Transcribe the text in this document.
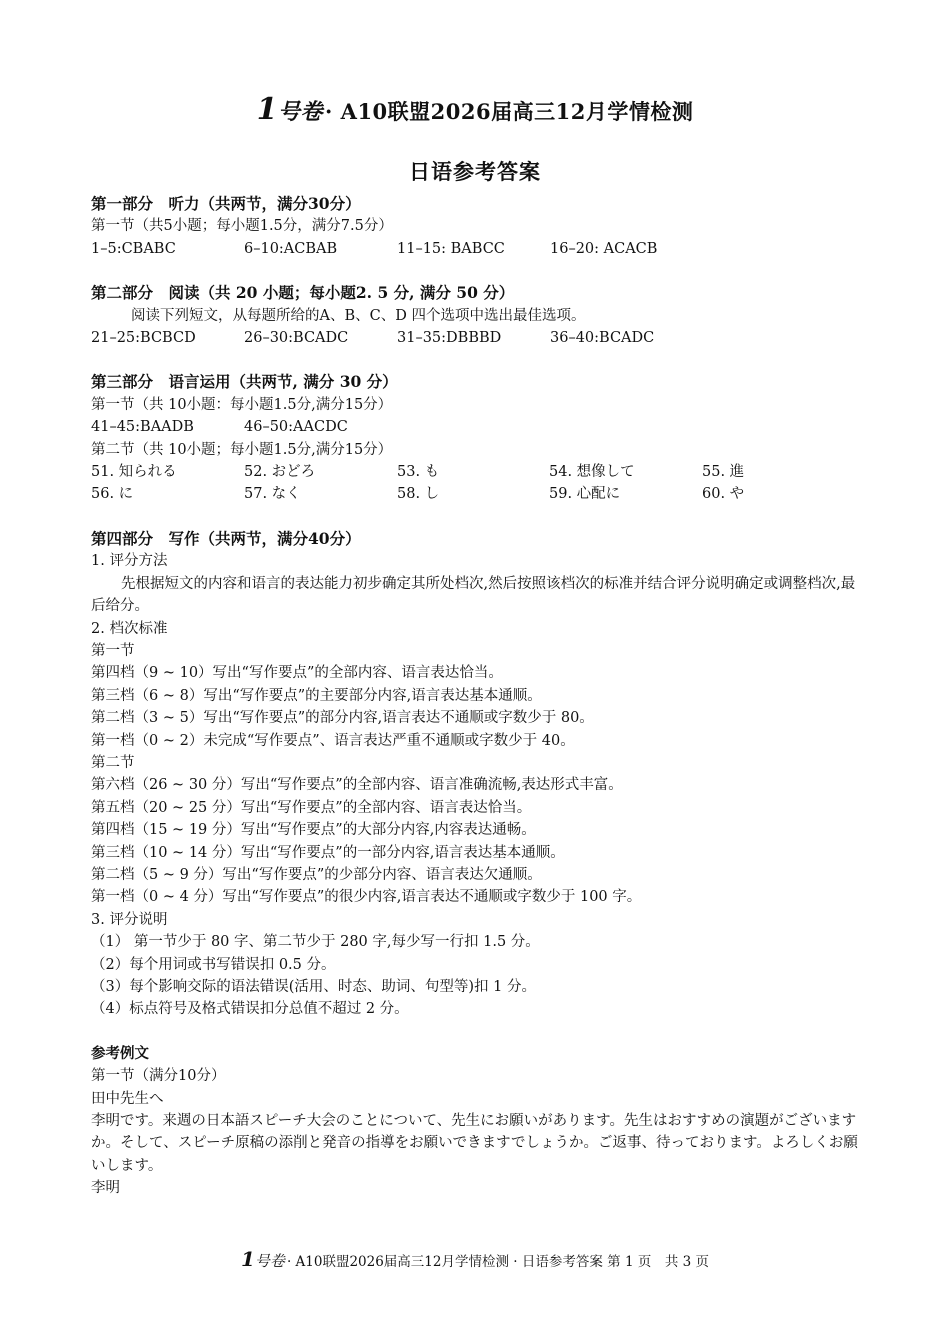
1号卷· A10联盟2026届高三12月学情检测
日语参考答案

第一部分　听力（共两节，满分30分）

第一节（共5小题；每小题1.5分，满分7.5分）

1–5:CBABC	6–10:ACBAB	11–15: BABCC	16–20: ACACB

第二部分　阅读（共 20 小题；每小题2. 5 分, 满分 50 分）

阅读下列短文，从每题所给的A、B、C、D 四个选项中选出最佳选项。

21–25:BCBCD	26–30:BCADC	31–35:DBBBD	36–40:BCADC

第三部分　语言运用（共两节, 满分 30 分）

第一节（共 10小题：每小题1.5分,满分15分）

41–45:BAADB	46–50:AACDC

第二节（共 10小题；每小题1.5分,满分15分）

51. 知られる	52. おどろ	53. も	54. 想像して	55. 進
56. に	57. なく	58. し	59. 心配に	60. や

第四部分　写作（共两节，满分40分）

1. 评分方法

先根据短文的内容和语言的表达能力初步确定其所处档次,然后按照该档次的标准并结合评分说明确定或调整档次,最后给分。

2. 档次标准

第一节

第四档（9 ~ 10）写出“写作要点”的全部内容、语言表达恰当。

第三档（6 ~ 8）写出“写作要点”的主要部分内容,语言表达基本通顺。

第二档（3 ~ 5）写出“写作要点”的部分内容,语言表达不通顺或字数少于 80。

第一档（0 ~ 2）未完成“写作要点”、语言表达严重不通顺或字数少于 40。

第二节

第六档（26 ~ 30 分）写出“写作要点”的全部内容、语言准确流畅,表达形式丰富。

第五档（20 ~ 25 分）写出“写作要点”的全部内容、语言表达恰当。

第四档（15 ~ 19 分）写出“写作要点”的大部分内容,内容表达通畅。

第三档（10 ~ 14 分）写出“写作要点”的一部分内容,语言表达基本通顺。

第二档（5 ~ 9 分）写出“写作要点”的少部分内容、语言表达欠通顺。

第一档（0 ~ 4 分）写出“写作要点”的很少内容,语言表达不通顺或字数少于 100 字。

3. 评分说明

（1） 第一节少于 80 字、第二节少于 280 字,每少写一行扣 1.5 分。

（2）每个用词或书写错误扣 0.5 分。

（3）每个影响交际的语法错误(活用、时态、助词、句型等)扣 1 分。

（4）标点符号及格式错误扣分总值不超过 2 分。

参考例文

第一节（满分10分）

田中先生へ

李明です。来週の日本語スピーチ大会のことについて、先生にお願いがあります。先生はおすすめの演題がございますか。そして、スピーチ原稿の添削と発音の指導をお願いできますでしょうか。ご返事、待っております。よろしくお願いします。

李明

1号卷 · A10联盟2026届高三12月学情检测 · 日语参考答案 第 1 页　共 3 页
